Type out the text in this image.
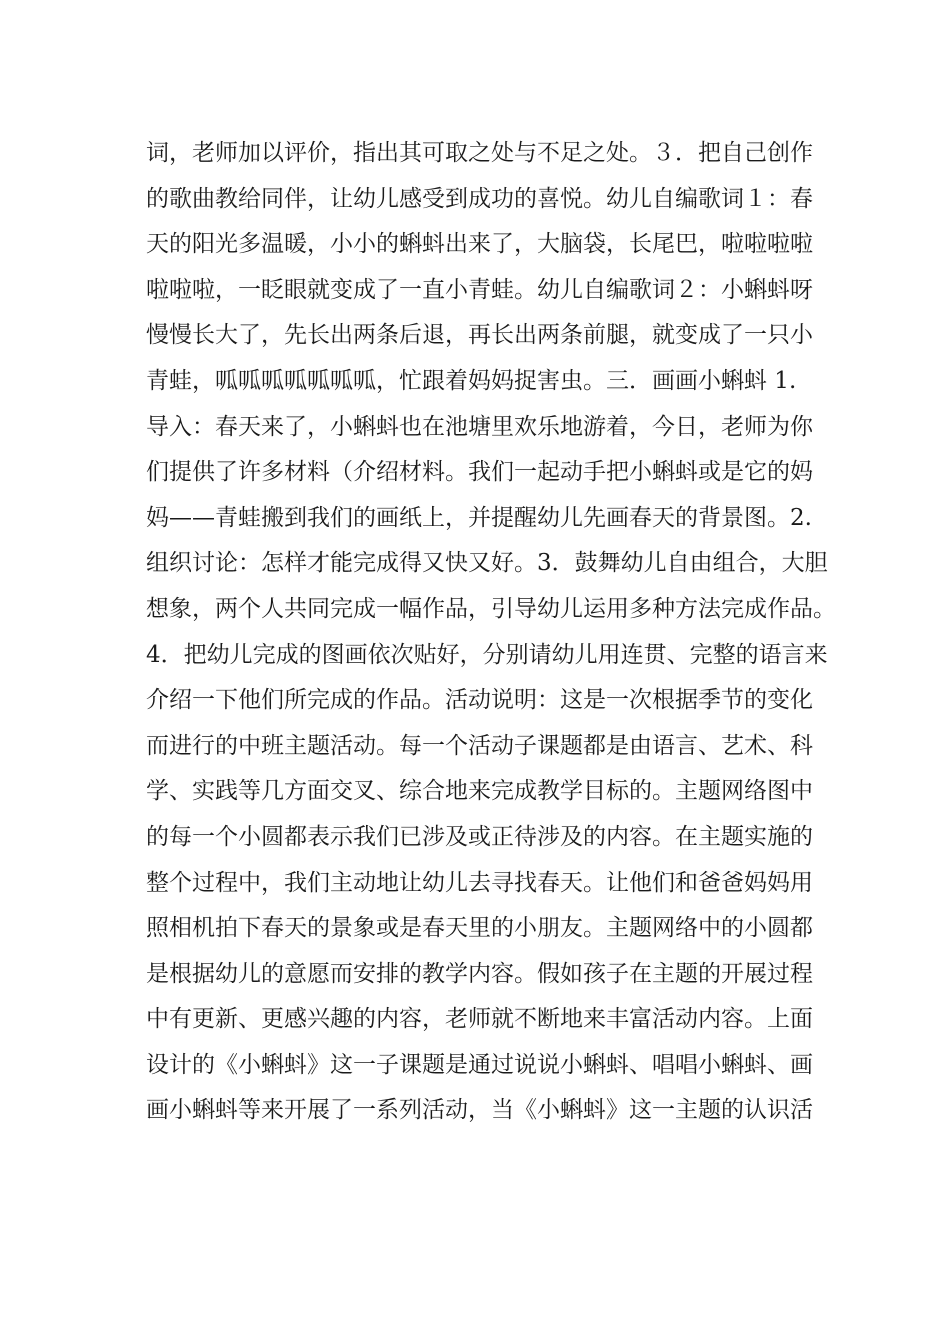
词，老师加以评价，指出其可取之处与不足之处。３．把自己创作
的歌曲教给同伴，让幼儿感受到成功的喜悦。幼儿自编歌词１：春
天的阳光多温暖，小小的蝌蚪出来了，大脑袋，长尾巴，啦啦啦啦
啦啦啦，一眨眼就变成了一直小青蛙。幼儿自编歌词２：小蝌蚪呀
慢慢长大了，先长出两条后退，再长出两条前腿，就变成了一只小
青蛙，呱呱呱呱呱呱呱，忙跟着妈妈捉害虫。三．画画小蝌蚪 1.
导入：春天来了，小蝌蚪也在池塘里欢乐地游着，今日，老师为你
们提供了许多材料（介绍材料。我们一起动手把小蝌蚪或是它的妈
妈——青蛙搬到我们的画纸上，并提醒幼儿先画春天的背景图。2.
组织讨论：怎样才能完成得又快又好。3．鼓舞幼儿自由组合，大胆
想象，两个人共同完成一幅作品，引导幼儿运用多种方法完成作品。
4．把幼儿完成的图画依次贴好，分别请幼儿用连贯、完整的语言来
介绍一下他们所完成的作品。活动说明：这是一次根据季节的变化
而进行的中班主题活动。每一个活动子课题都是由语言、艺术、科
学、实践等几方面交叉、综合地来完成教学目标的。主题网络图中
的每一个小圆都表示我们已涉及或正待涉及的内容。在主题实施的
整个过程中，我们主动地让幼儿去寻找春天。让他们和爸爸妈妈用
照相机拍下春天的景象或是春天里的小朋友。主题网络中的小圆都
是根据幼儿的意愿而安排的教学内容。假如孩子在主题的开展过程
中有更新、更感兴趣的内容，老师就不断地来丰富活动内容。上面
设计的《小蝌蚪》这一子课题是通过说说小蝌蚪、唱唱小蝌蚪、画
画小蝌蚪等来开展了一系列活动，当《小蝌蚪》这一主题的认识活
